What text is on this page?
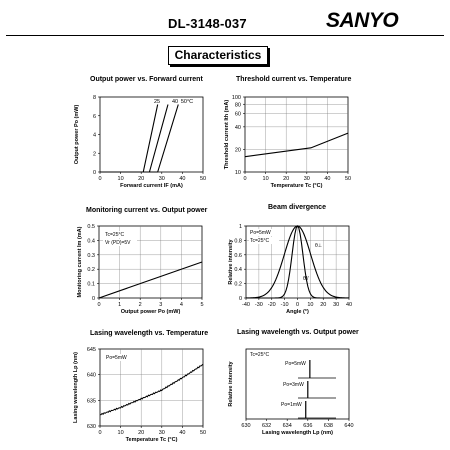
DL-3148-037	SANYO
Characteristics
Output power vs. Forward current	Threshold current vs. Temperature
Monitoring current vs. Output power	Beam divergence
Lasing wavelength vs. Temperature	Lasing wavelength vs. Output power
0	10	20	30	40	50
0
2
4
6
8
Forward current IF (mA)
Output power Po (mW)
25 40 50°C
0	10	20	30	40	50
10
20
40
60
80
100
Temperature Tc (°C)
Threshold current Ith (mA)
0	1	2	3	4	5
0
0.1
0.2
0.3
0.4
0.5
Output power Po (mW)
Monitoring current Im (mA)	Tc=25°C
Vr (PD)=5V
-40 -30 -20 -10 0 10 20 30 40
0
0.2
0.4
0.6
0.8
1
Angle (°)
Relative intensity	θ⊥
θ//
Po=5mW
Tc=25°C
0	10	20	30	40	50
630
635
640
645
Temperature Tc (°C)
Lasing wavelength Lp (nm)	Po=5mW
630 632 634 636 638 640
Lasing wavelength Lp (nm)
Relative intensity
Tc=25°C
Po=5mW
Po=3mW
Po=1mW
